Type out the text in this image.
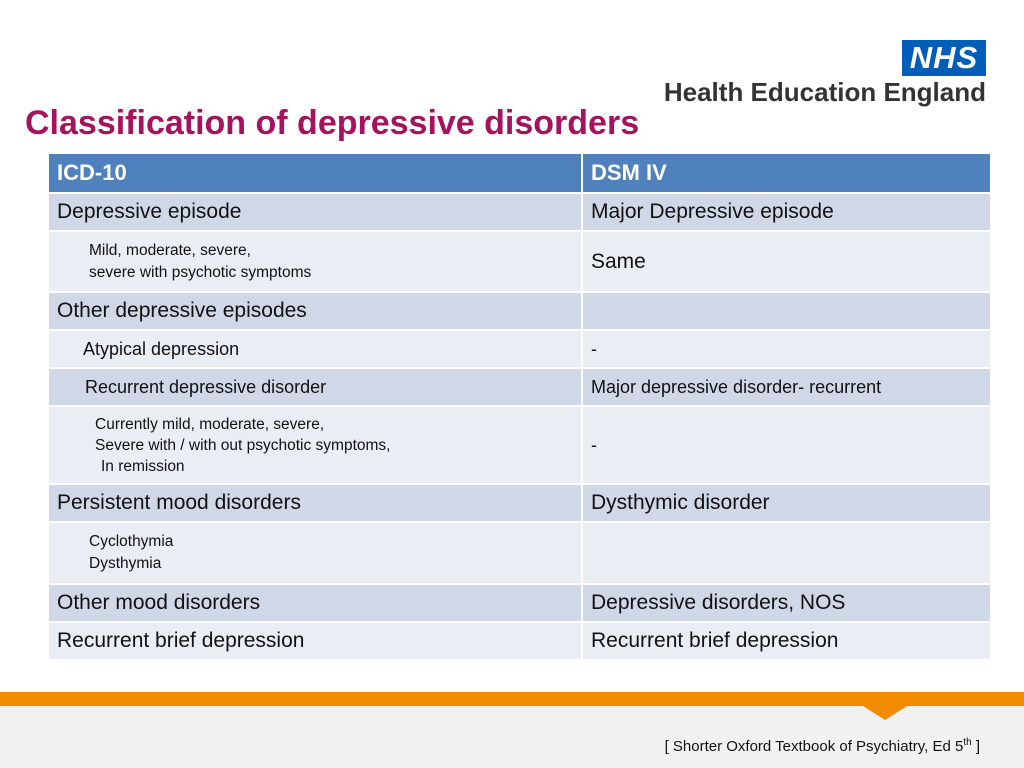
NHS
Health Education England
Classification of depressive disorders
ICD-10	DSM IV
Depressive episode	Major Depressive episode

Mild, moderate, severe,
severe with psychotic symptoms	Same
Other depressive episodes	
Atypical depression	-
Recurrent depressive disorder	Major depressive disorder- recurrent

Currently mild, moderate, severe,
Severe with / with out psychotic symptoms,
In remission	-
Persistent mood disorders	Dysthymic disorder

Cyclothymia
Dysthymia	

Other mood disorders	Depressive disorders, NOS
Recurrent brief depression	Recurrent brief depression
[ Shorter Oxford Textbook of Psychiatry, Ed 5th ]
